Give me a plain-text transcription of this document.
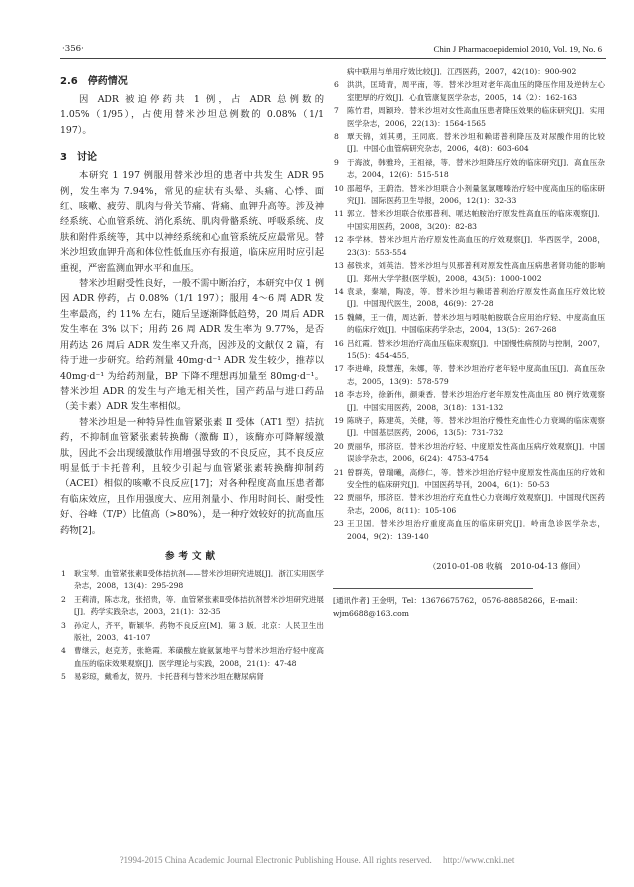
·356·	Chin J Pharmacoepidemiol 2010, Vol. 19, No. 6
2.6　停药情况

因 ADR 被迫停药共 1 例，占 ADR 总例数的 1.05%（1/95），占使用替米沙坦总例数的 0.08%（1/1 197）。

3　讨论

本研究 1 197 例服用替米沙坦的患者中共发生 ADR 95 例，发生率为 7.94%，常见的症状有头晕、头痛、心悸、面红、咳嗽、疲劳、肌肉与骨关节痛、背痛、血钾升高等。涉及神经系统、心血管系统、消化系统、肌肉骨骼系统、呼吸系统、皮肤和附件系统等，其中以神经系统和心血管系统反应最常见。替米沙坦致血钾升高和体位性低血压亦有报道，临床应用时应引起重视，严密监测血钾水平和血压。

替米沙坦耐受性良好，一般不需中断治疗，本研究中仅 1 例因 ADR 停药，占 0.08%（1/1 197）；服用 4～6 周 ADR 发生率最高，约 11% 左右，随后呈逐渐降低趋势，20 周后 ADR 发生率在 3% 以下；用药 26 周 ADR 发生率为 9.77%，是否用药达 26 周后 ADR 发生率又升高，因涉及的文献仅 2 篇，有待于进一步研究。给药剂量 40mg·d⁻¹ ADR 发生较少，推荐以 40mg·d⁻¹ 为给药剂量，BP 下降不理想再加量至 80mg·d⁻¹。替米沙坦 ADR 的发生与产地无相关性，国产药品与进口药品（美卡素）ADR 发生率相似。

替米沙坦是一种特异性血管紧张素 Ⅱ 受体（AT1 型）拮抗药，不抑制血管紧张素转换酶（激酶 Ⅱ），该酶亦可降解缓激肽，因此不会出现缓激肽作用增强导致的不良反应，其不良反应明显低于卡托普利，且较少引起与血管紧张素转换酶抑制药（ACEI）相似的咳嗽不良反应[17]；对各种程度高血压患者都有临床效应，且作用强度大、应用剂量小、作用时间长、耐受性好、谷峰（T/P）比值高（>80%），是一种疗效较好的抗高血压药物[2]。

参考文献
1 耿宝琴．血管紧张素Ⅱ受体拮抗剂——替米沙坦研究进展[J]．浙江实用医学杂志，2008，13(4)：295-298
2 王莉清，陈志龙，张招贵，等．血管紧张素Ⅱ受体拮抗剂替米沙坦研究进展[J]．药学实践杂志，2003，21(1)：32-35
3 孙定人，齐平，靳颖华．药物不良反应[M]．第 3 版．北京：人民卫生出版社，2003．41-107
4 曹继云，赵克芳，张艳霞．苯磺酸左旋氨氯地平与替米沙坦治疗轻中度高血压的临床效果观察[J]．医学理论与实践，2008，21(1)：47-48
5 易彩琼，戴希友，贺丹．卡托普利与替米沙坦在糖尿病肾
病中联用与单用疗效比较[J]．江西医药，2007，42(10)：900-902
6 洪洪，匡琦青，周平南，等．替米沙坦对老年高血压的降压作用及逆转左心室肥厚的疗效[J]．心血管康复医学杂志，2005，14（2）：162-163
7 陈竹君，周颖玲．替米沙坦对女性高血压患者降压效果的临床研究[J]．实用医学杂志，2006，22(13)：1564-1565
8 覃天锦，刘其勇，王同底．替米沙坦和赖诺普利降压及对尿酸作用的比较[J]．中国心血管病研究杂志，2006，4(8)：603-604
9 于海波，韩雅玲，王祖禄，等．替米沙坦降压疗效的临床研究[J]．高血压杂志，2004，12(6)：515-518
10 邵超华，王蔚浩．替米沙坦联合小剂量氢氯噻嗪治疗轻中度高血压的临床研究[J]．国际医药卫生导报，2006，12(1)：32-33
11 郭立．替米沙坦联合依那普利、哌达帕胺治疗原发性高血压的临床观察[J]．中国实用医药，2008，3(20)：82-83
12 李学林．替米沙坦片治疗原发性高血压的疗效观察[J]．华西医学，2008，23(3)：553-554
13 郝铁求，刘英洁．替米沙坦与贝那普利对原发性高血压病患者肾功能的影响[J]．郑州大学学报(医学版)，2008，43(5)：1000-1002
14 袁录，秦端，陶凌，等．替米沙坦与赖诺普利治疗原发性高血压疗效比较[J]．中国现代医生，2008，46(9)：27-28
15 魏鳞，王一倩，周达新．替米沙坦与吲哒帕胺联合应用治疗轻、中度高血压的临床疗效[J]．中国临床药学杂志，2004，13(5)：267-268
16 吕红霞．替米沙坦治疗高血压临床观察[J]．中国慢性病预防与控制，2007，15(5)：454-455．
17 李进峰，段慧莲，朱娜，等．替米沙坦治疗老年轻中度高血压[J]．高血压杂志，2005，13(9)：578-579
18 李志玲，徐新伟，颜秉香．替米沙坦治疗老年原发性高血压 80 例疗效观察[J]．中国实用医药，2008，3(18)：131-132
19 陈晓子，陈建英，关健，等．替米沙坦治疗慢性充血性心力衰竭的临床观察[J]．中国基层医药，2006，13(5)：731-732
20 贾丽华，邢济臣．替米沙坦治疗轻、中度原发性高血压病疗效观察[J]．中国误诊学杂志，2006，6(24)：4753-4754
21 曾群英，曾瑞曦，高修仁，等．替米沙坦治疗轻中度原发性高血压的疗效和安全性的临床研究[J]．中国医药导刊，2004，6(1)：50-53
22 贾丽华，邢济臣．替米沙坦治疗充血性心力衰竭疗效观察[J]．中国现代医药杂志，2006，8(11)：105-106
23 王卫国．替米沙坦治疗重度高血压的临床研究[J]．岭南急诊医学杂志，2004，9(2)：139-140
（2010-01-08 收稿　2010-04-13 修回）
[通讯作者] 王金明，Tel：13676675762，0576-88858266，E-mail：wjm6688@163.com
?1994-2015 China Academic Journal Electronic Publishing House. All rights reserved.　 http://www.cnki.net
